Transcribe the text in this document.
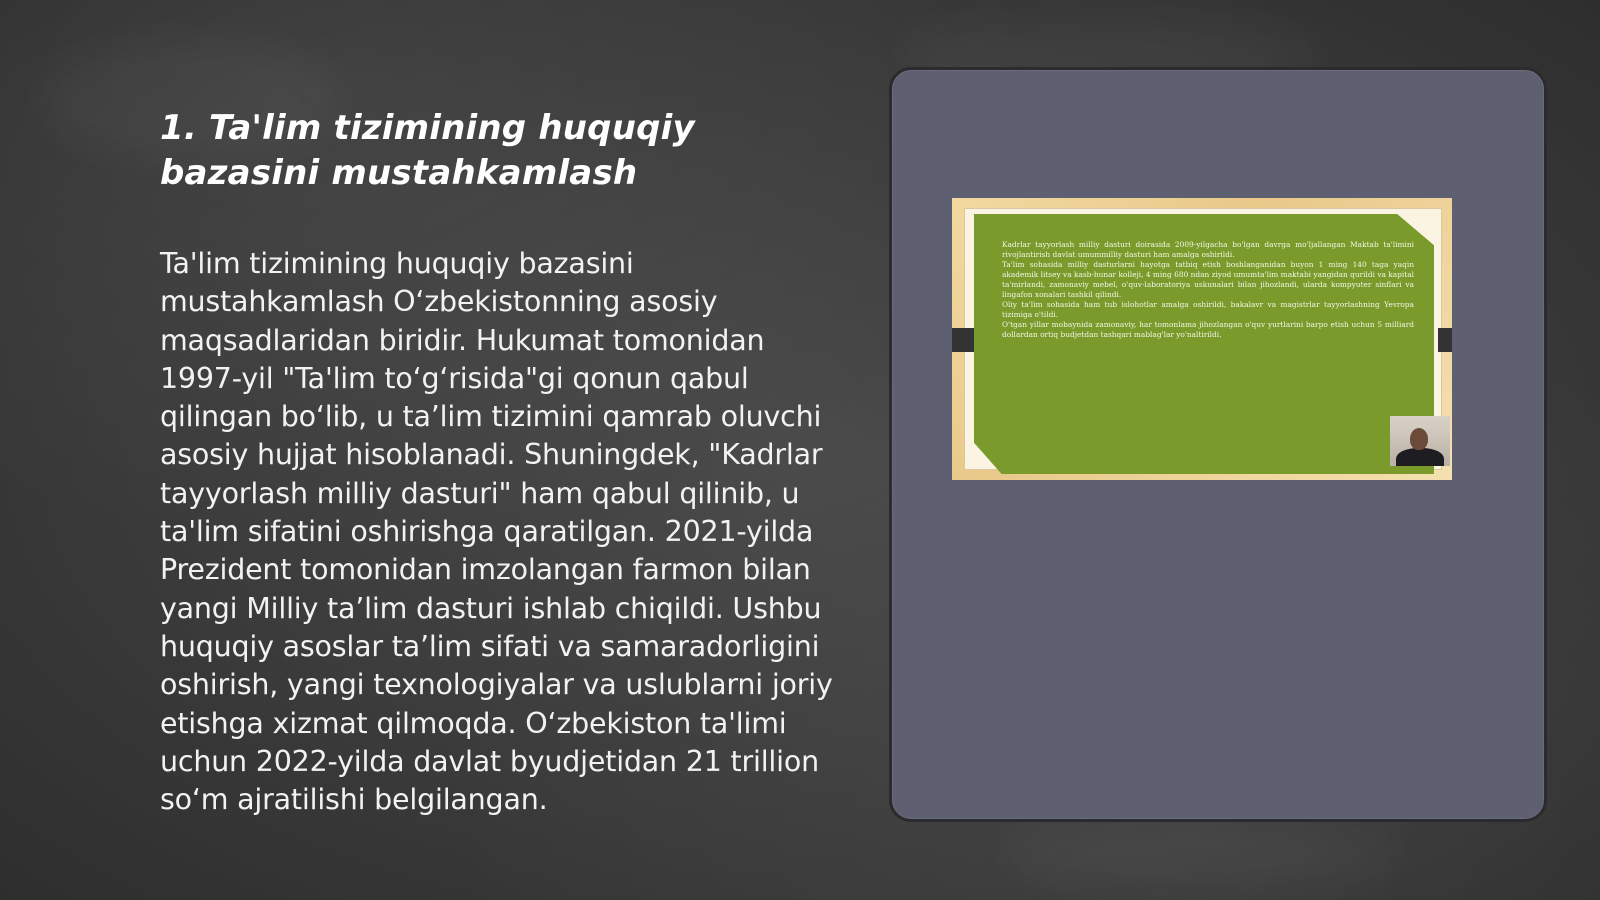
1. Ta'lim tizimining huquqiy bazasini mustahkamlash

Ta'lim tizimining huquqiy bazasini mustahkamlash O‘zbekistonning asosiy maqsadlaridan biridir. Hukumat tomonidan 1997-yil "Ta'lim to‘g‘risida"gi qonun qabul qilingan bo‘lib, u ta’lim tizimini qamrab oluvchi asosiy hujjat hisoblanadi. Shuningdek, "Kadrlar tayyorlash milliy dasturi" ham qabul qilinib, u ta'lim sifatini oshirishga qaratilgan. 2021-yilda Prezident tomonidan imzolangan farmon bilan yangi Milliy ta’lim dasturi ishlab chiqildi. Ushbu huquqiy asoslar ta’lim sifati va samaradorligini oshirish, yangi texnologiyalar va uslublarni joriy etishga xizmat qilmoqda. O‘zbekiston ta'limi uchun 2022-yilda davlat byudjetidan 21 trillion so‘m ajratilishi belgilangan.

Kadrlar tayyorlash milliy dasturi doirasida 2009-yilgacha bo'lgan davrga mo'ljallangan Maktab ta'limini rivojlantirish davlat umummilliy dasturi ham amalga oshirildi.
Ta'lim sohasida milliy dasturlarni hayotga tatbiq etish boshlanganidan buyon 1 ming 140 taga yaqin akademik litsey va kasb-hunar kolleji, 4 ming 680 ndan ziyod umumta'lim maktabi yangidan qurildi va kapital ta'mirlandi, zamonaviy mebel, o'quv-laboratoriya uskunalari bilan jihozlandi, ularda kompyuter sinflari va lingafon xonalari tashkil qilindi.
Oliy ta'lim sohasida ham tub islohotlar amalga oshirildi, bakalavr va magistrlar tayyorlashning Yevropa tizimiga o'tildi.
O'tgan yillar mobaynida zamonaviy, har tomonlama jihozlangan o'quv yurtlarini barpo etish uchun 5 milliard dollardan ortiq budjetdan tashqari mablag'lar yo'naltirildi.
